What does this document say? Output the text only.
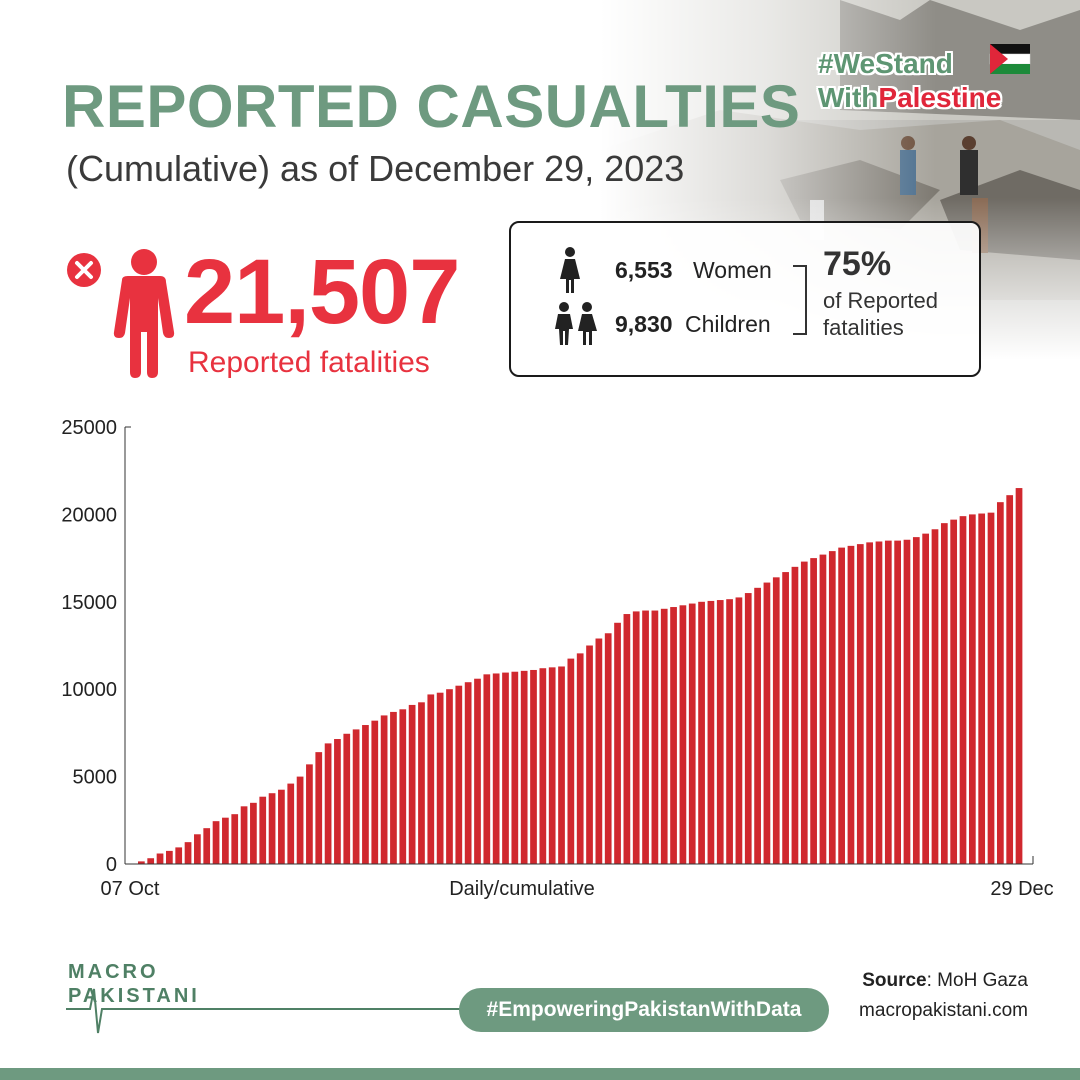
REPORTED CASUALTIES
(Cumulative) as of December 29, 2023
#WeStand
WithPalestine
21,507
Reported fatalities
6,553 Women
9,830 Children
75%
of Reported fatalities
0
5000
10000
15000
20000
25000
07 Oct	Daily/cumulative	29 Dec
MACRO
PAKISTANI
#EmpoweringPakistanWithData
Source: MoH Gaza
macropakistani.com
